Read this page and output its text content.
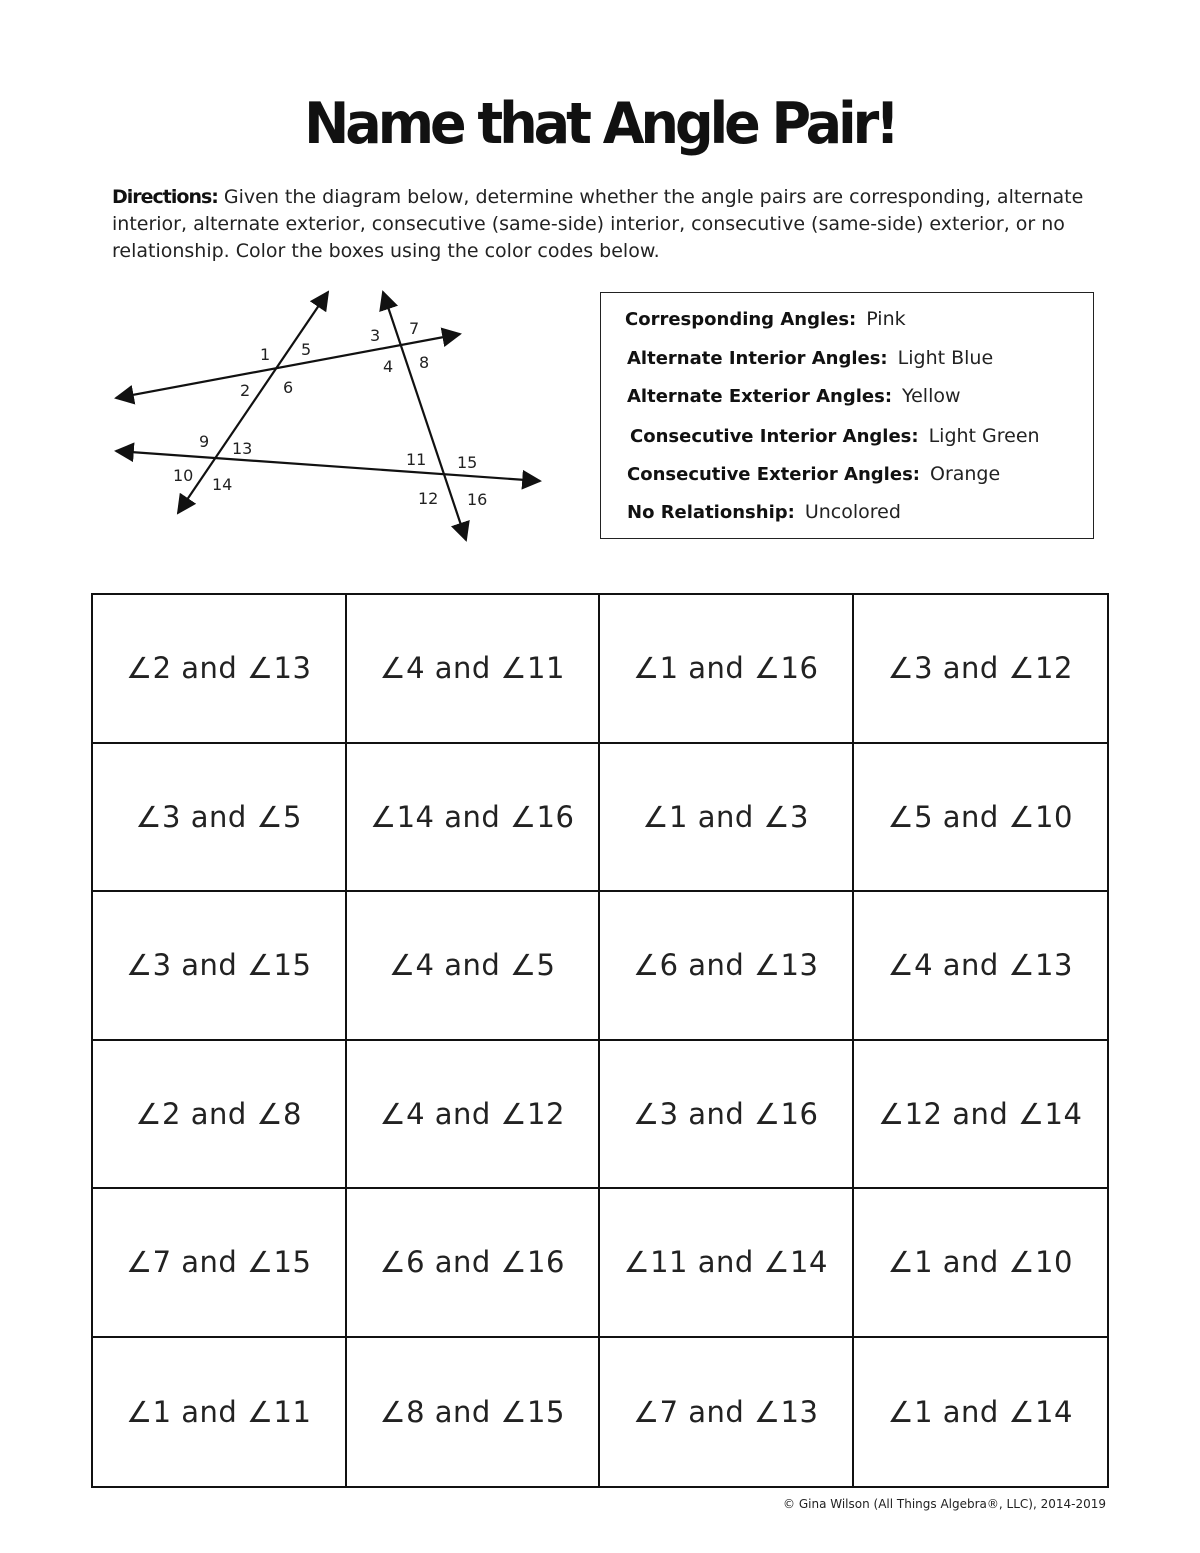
Name that Angle Pair!
Directions: Given the diagram below, determine whether the angle pairs are corresponding, alternate interior, alternate exterior, consecutive (same-side) interior, consecutive (same-side) exterior, or no relationship. Color the boxes using the color codes below.
1
2
3
4
5
6
7
8
9
10
11
12
13
14
15
16
Corresponding Angles: Pink
Alternate Interior Angles: Light Blue
Alternate Exterior Angles: Yellow
Consecutive Interior Angles: Light Green
Consecutive Exterior Angles: Orange
No Relationship: Uncolored
∠2 and ∠13	∠4 and ∠11	∠1 and ∠16	∠3 and ∠12
∠3 and ∠5	∠14 and ∠16	∠1 and ∠3	∠5 and ∠10
∠3 and ∠15	∠4 and ∠5	∠6 and ∠13	∠4 and ∠13
∠2 and ∠8	∠4 and ∠12	∠3 and ∠16	∠12 and ∠14
∠7 and ∠15	∠6 and ∠16	∠11 and ∠14	∠1 and ∠10
∠1 and ∠11	∠8 and ∠15	∠7 and ∠13	∠1 and ∠14
© Gina Wilson (All Things Algebra®, LLC), 2014-2019
